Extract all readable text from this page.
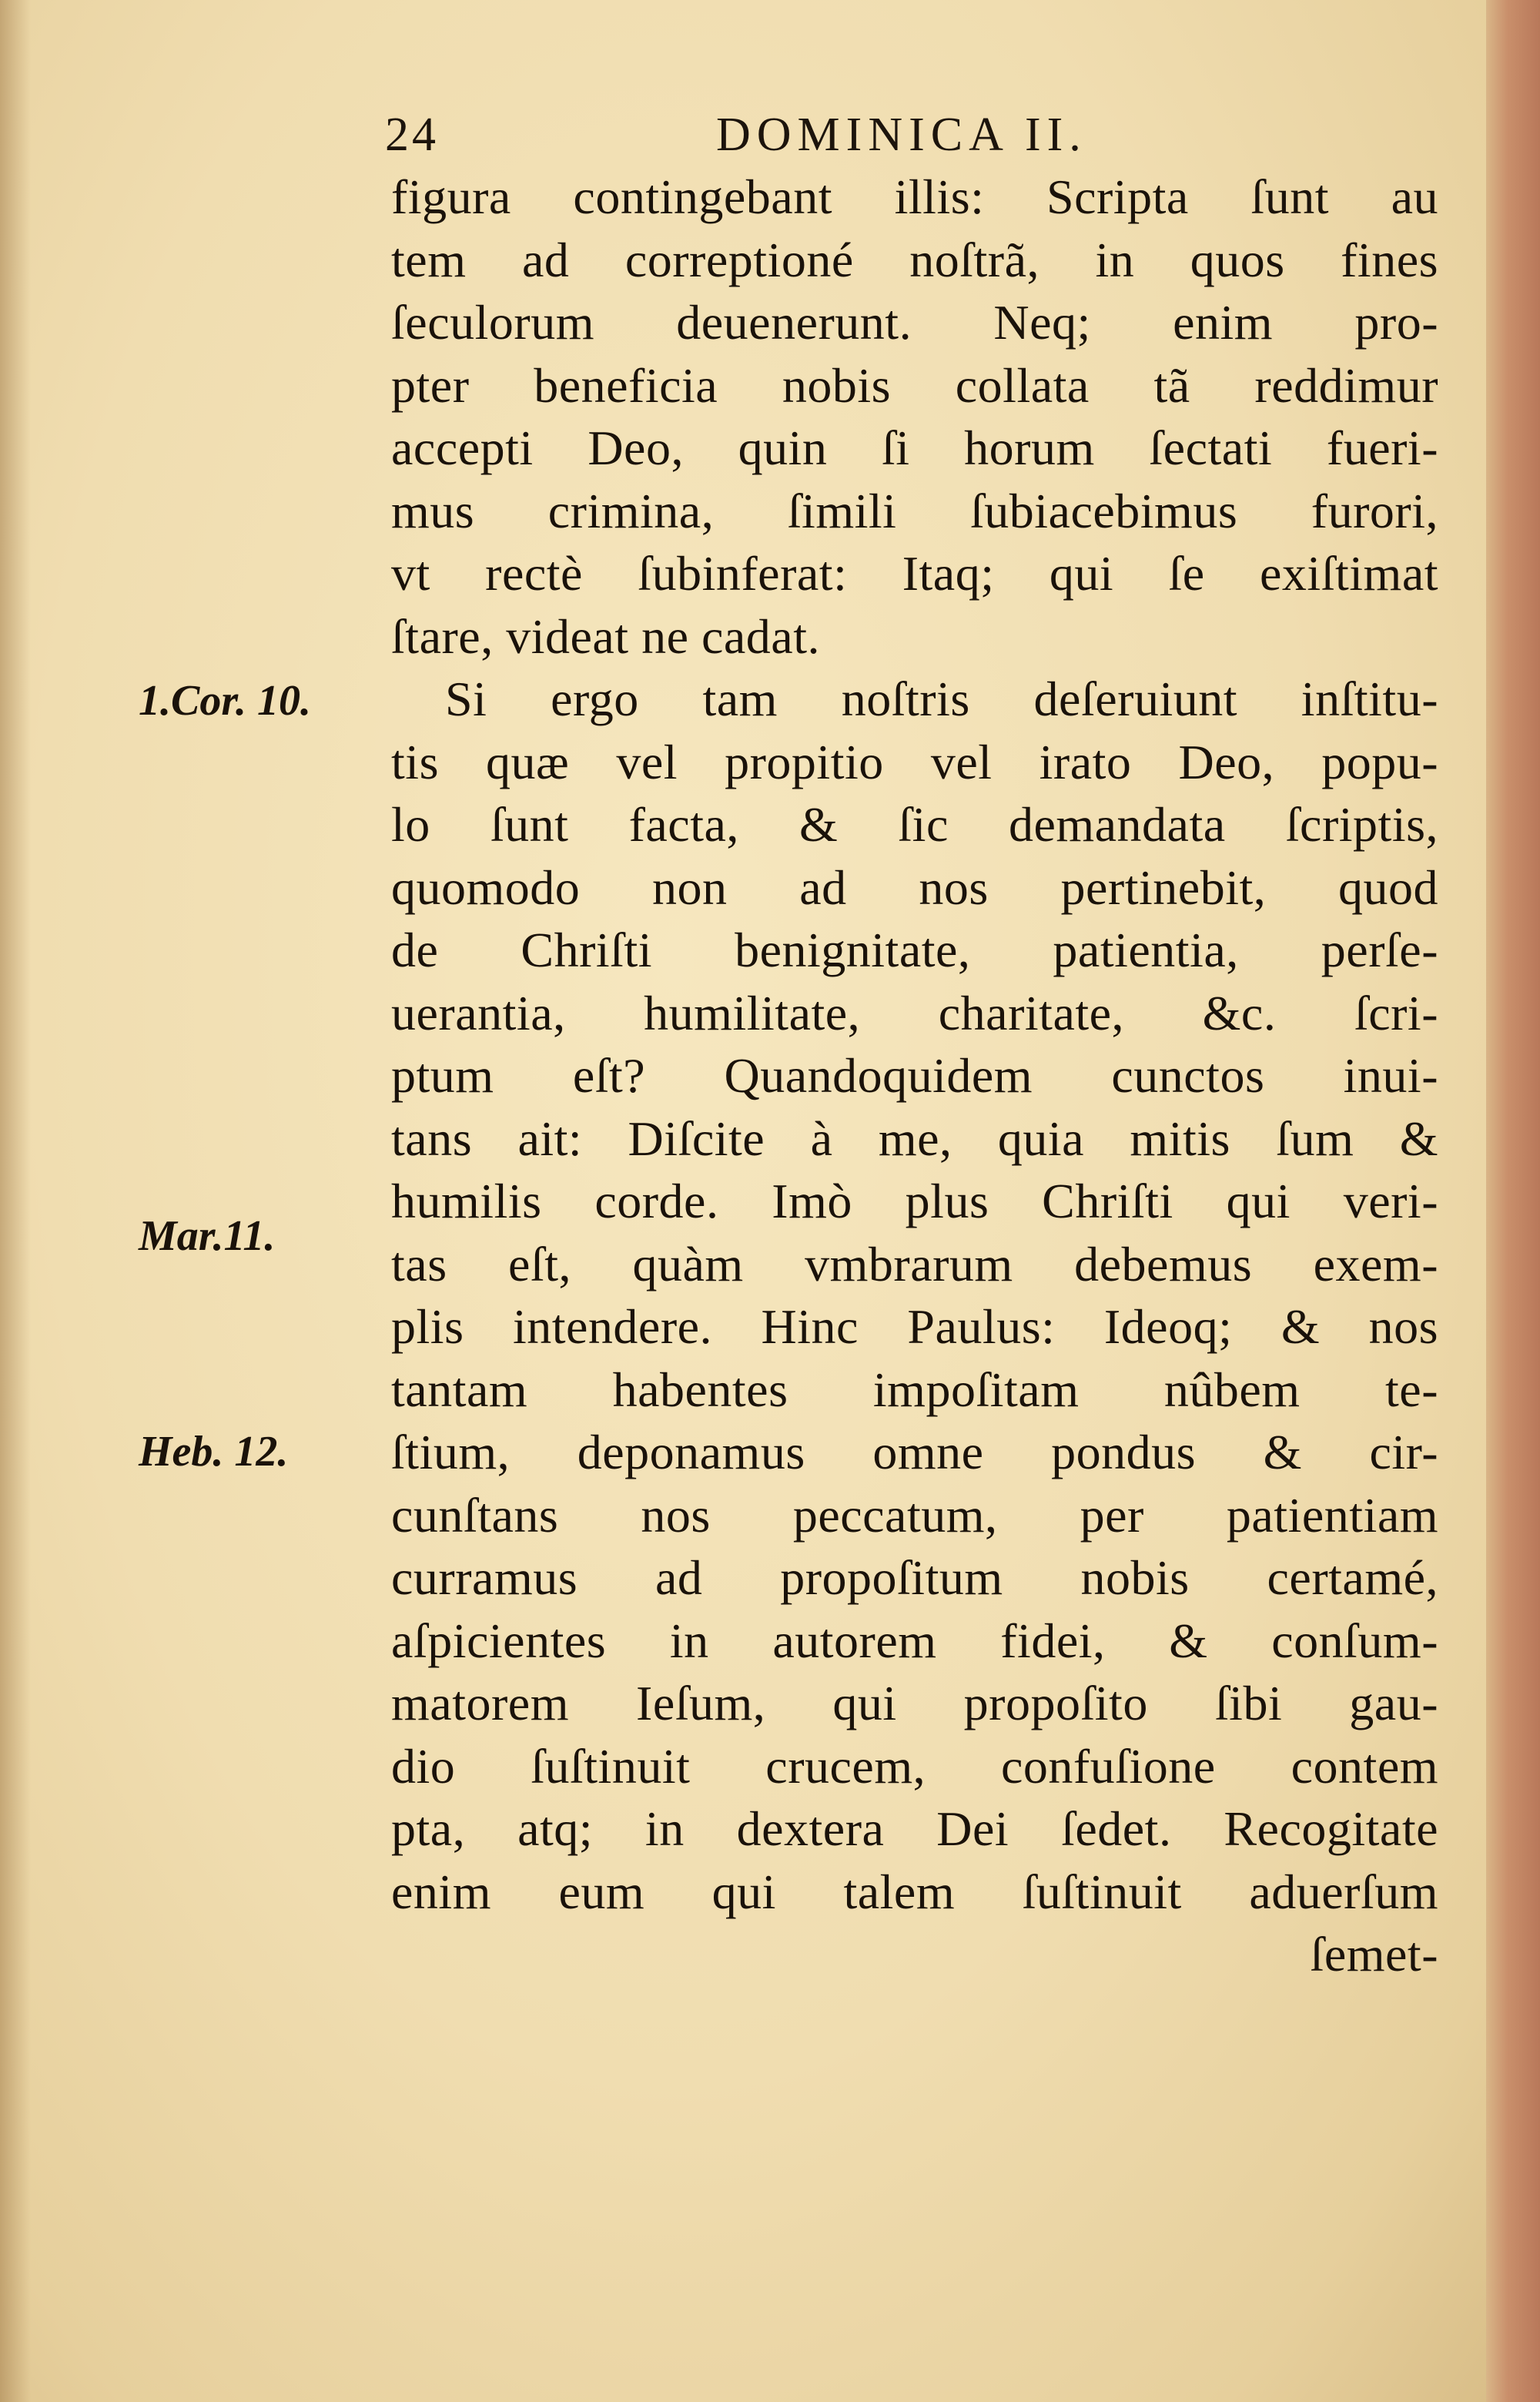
24	DOMINICA II.
1.Cor. 10.
Mar.11.
Heb. 12.
figura contingebant illis: Scripta ſunt au
tem ad correptioné noſtrã, in quos fines
ſeculorum deuenerunt. Neq; enim pro-
pter beneficia nobis collata tã reddimur
accepti Deo, quin ſi horum ſectati fueri-
mus crimina, ſimili ſubiacebimus furori,
vt rectè ſubinferat: Itaq; qui ſe exiſtimat
ſtare, videat ne cadat.
Si ergo tam noſtris deſeruiunt inſtitu-
tis quæ vel propitio vel irato Deo, popu-
lo ſunt facta, & ſic demandata ſcriptis,
quomodo non ad nos pertinebit, quod
de Chriſti benignitate, patientia, perſe-
uerantia, humilitate, charitate, &c. ſcri-
ptum eſt? Quandoquidem cunctos inui-
tans ait: Diſcite à me, quia mitis ſum &
humilis corde. Imò plus Chriſti qui veri-
tas eſt, quàm vmbrarum debemus exem-
plis intendere. Hinc Paulus: Ideoq; & nos
tantam habentes impoſitam nûbem te-
ſtium, deponamus omne pondus & cir-
cunſtans nos peccatum, per patientiam
curramus ad propoſitum nobis certamé,
aſpicientes in autorem fidei, & conſum-
matorem Ieſum, qui propoſito ſibi gau-
dio ſuſtinuit crucem, confuſione contem
pta, atq; in dextera Dei ſedet. Recogitate
enim eum qui talem ſuſtinuit aduerſum
ſemet-
